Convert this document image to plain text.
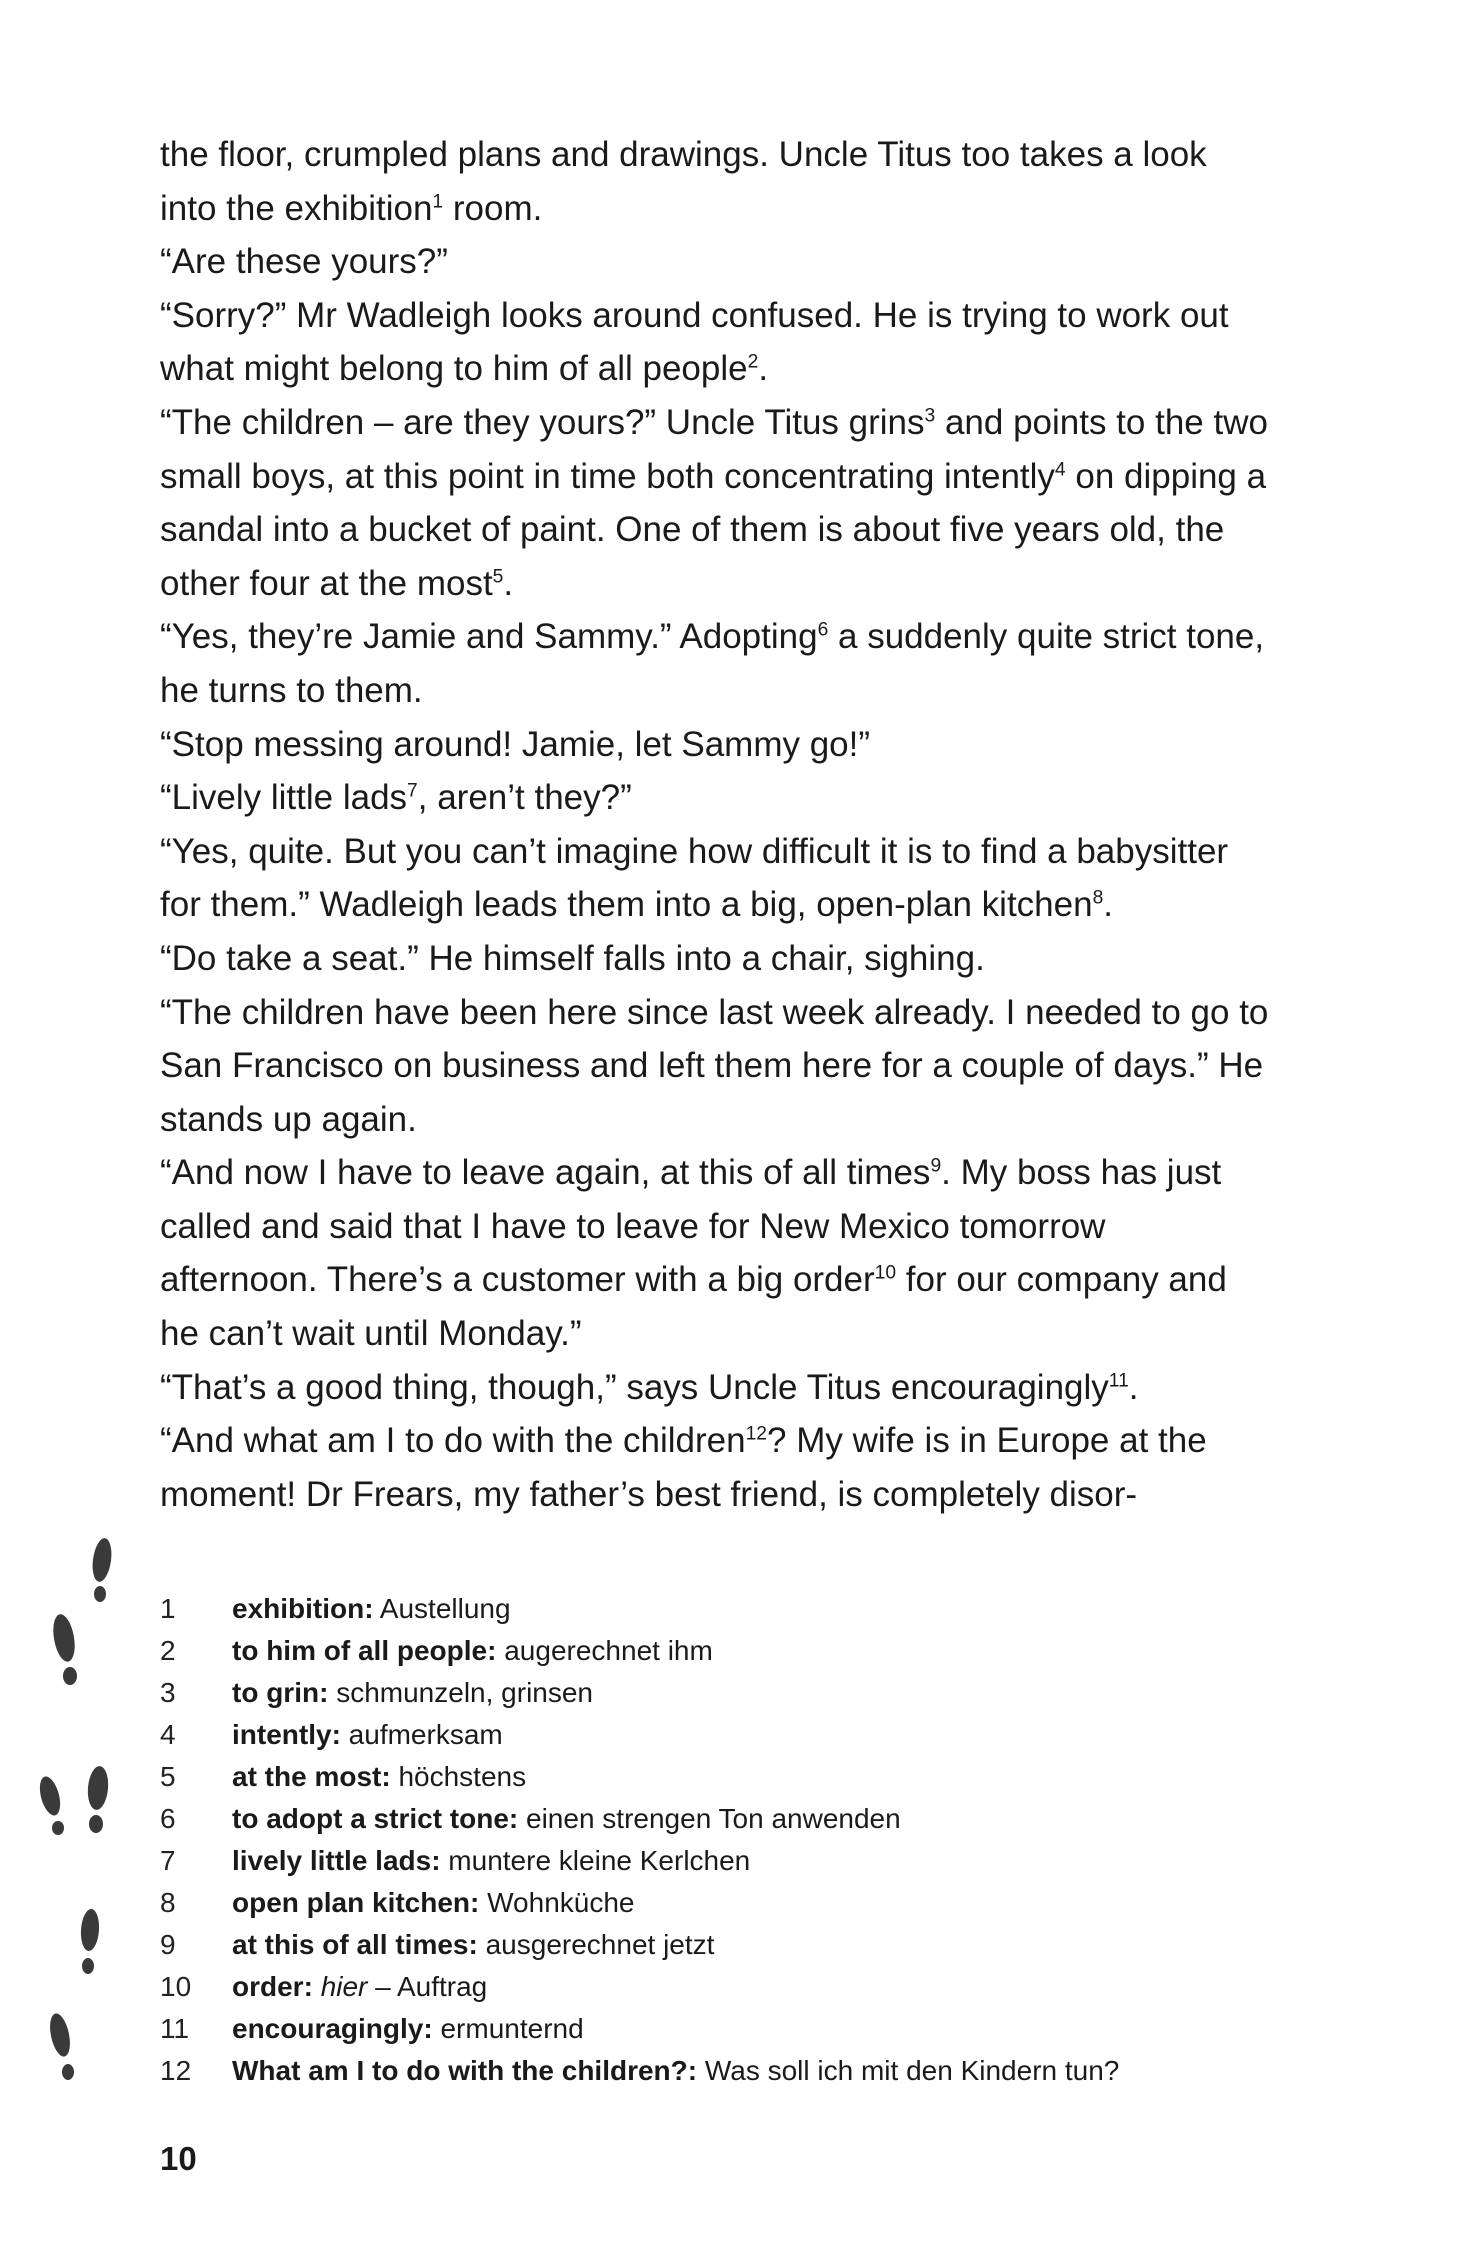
the floor, crumpled plans and drawings. Uncle Titus too takes a look into the exhibition$^1$ room.

“Are these yours?”

“Sorry?” Mr Wadleigh looks around confused. He is trying to work out what might belong to him of all people$^2$.

“The children – are they yours?” Uncle Titus grins$^3$ and points to the two small boys, at this point in time both concentrating intently$^4$ on dipping a sandal into a bucket of paint. One of them is about five years old, the other four at the most$^5$.

“Yes, they’re Jamie and Sammy.” Adopting$^6$ a suddenly quite strict tone, he turns to them.

“Stop messing around! Jamie, let Sammy go!”

“Lively little lads$^7$, aren’t they?”

“Yes, quite. But you can’t imagine how difficult it is to find a babysitter for them.” Wadleigh leads them into a big, open-plan kitchen$^8$.

“Do take a seat.” He himself falls into a chair, sighing.

“The children have been here since last week already. I needed to go to San Francisco on business and left them here for a couple of days.” He stands up again.

“And now I have to leave again, at this of all times$^9$. My boss has just called and said that I have to leave for New Mexico tomorrow afternoon. There’s a customer with a big order$^{10}$ for our company and he can’t wait until Monday.”

“That’s a good thing, though,” says Uncle Titus encouragingly$^{11}$.

“And what am I to do with the children$^{12}$? My wife is in Europe at the moment! Dr Frears, my father’s best friend, is completely disor-

1	exhibition: Austellung
2	to him of all people: augerechnet ihm
3	to grin: schmunzeln, grinsen
4	intently: aufmerksam
5	at the most: höchstens
6	to adopt a strict tone: einen strengen Ton anwenden
7	lively little lads: muntere kleine Kerlchen
8	open plan kitchen: Wohnküche
9	at this of all times: ausgerechnet jetzt
10	order: hier – Auftrag
11	encouragingly: ermunternd
12	What am I to do with the children?: Was soll ich mit den Kindern tun?
10
